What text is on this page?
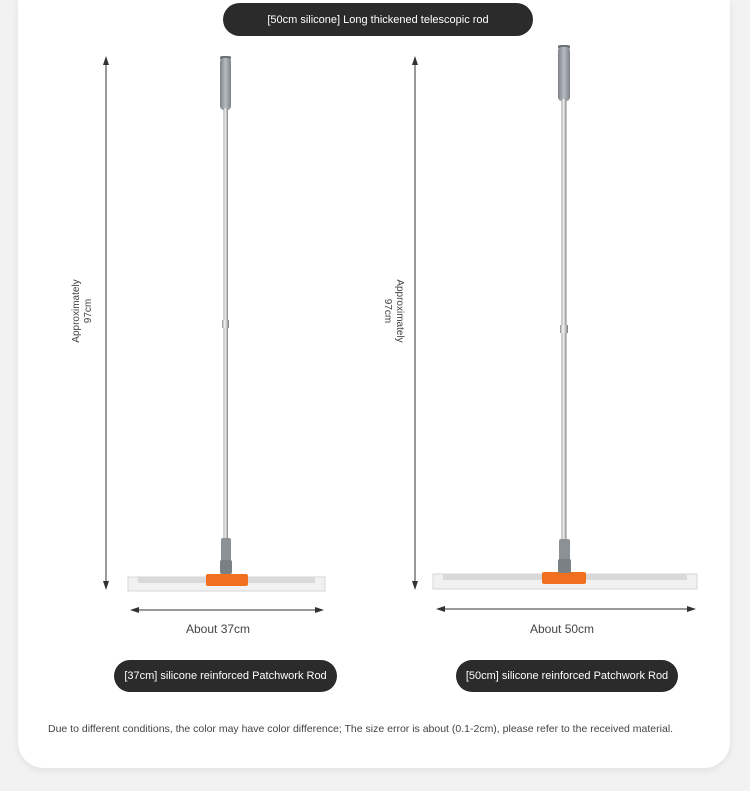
[50cm silicone] Long thickened telescopic rod
Approximately 97cm	Approximately
97cm
About 37cm	About 50cm
[37cm] silicone reinforced Patchwork Rod	[50cm] silicone reinforced Patchwork Rod
Due to different conditions, the color may have color difference; The size error is about (0.1-2cm), please refer to the received material.
